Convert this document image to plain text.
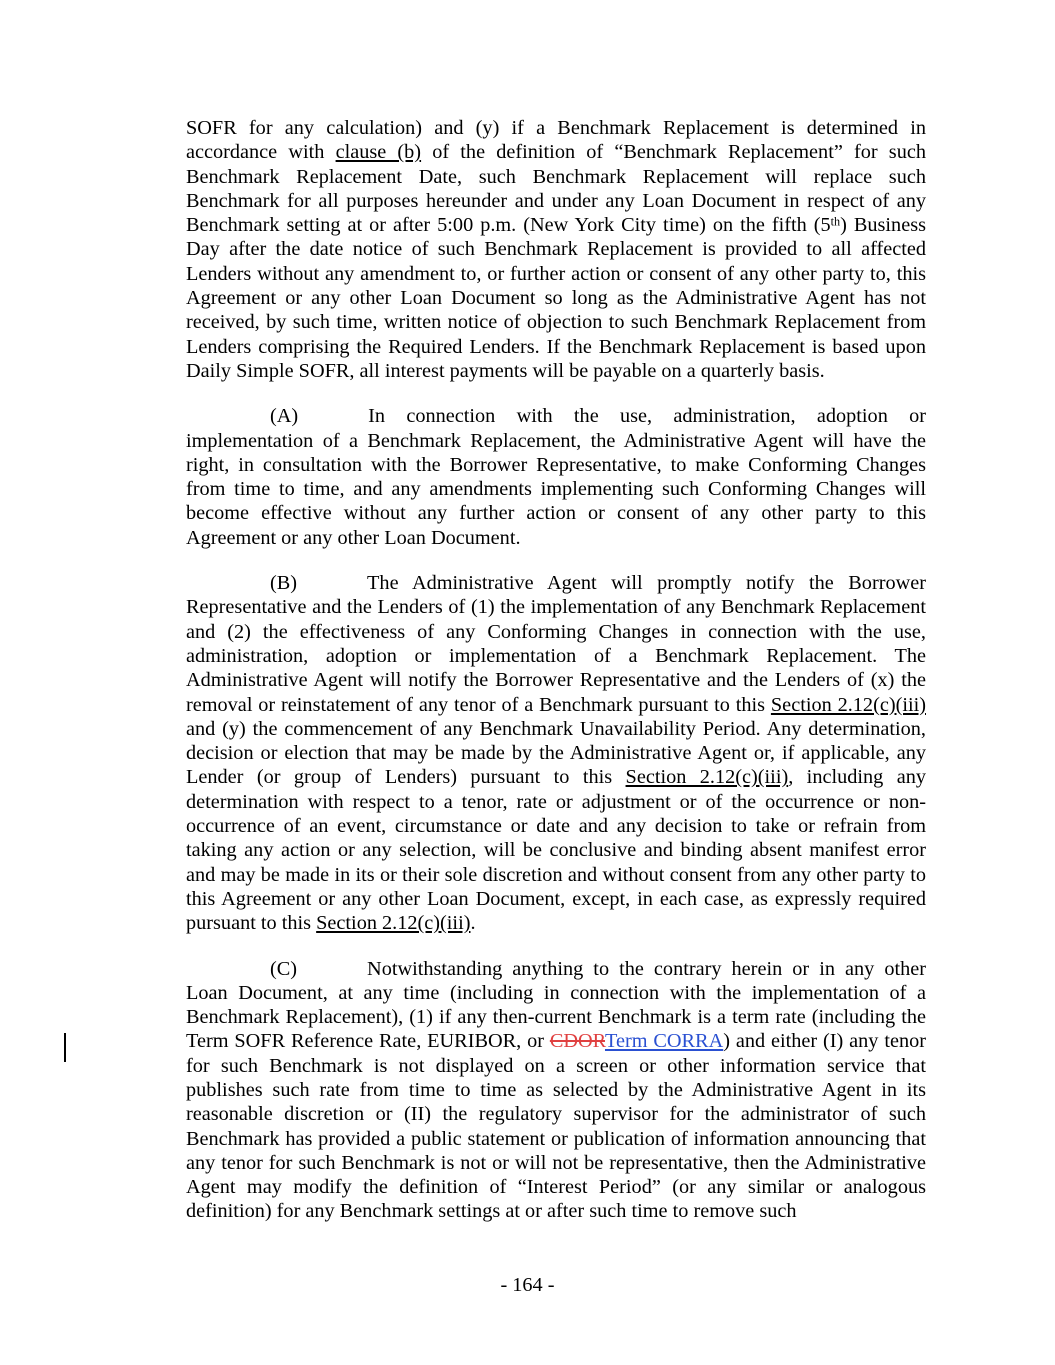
SOFR for any calculation) and (y) if a Benchmark Replacement is determined in accordance with clause (b) of the definition of “Benchmark Replacement” for such Benchmark Replacement Date, such Benchmark Replacement will replace such Benchmark for all purposes hereunder and under any Loan Document in respect of any Benchmark setting at or after 5:00 p.m. (New York City time) on the fifth (5th) Business Day after the date notice of such Benchmark Replacement is provided to all affected Lenders without any amendment to, or further action or consent of any other party to, this Agreement or any other Loan Document so long as the Administrative Agent has not received, by such time, written notice of objection to such Benchmark Replacement from Lenders comprising the Required Lenders. If the Benchmark Replacement is based upon Daily Simple SOFR, all interest payments will be payable on a quarterly basis.

(A)	In connection with the use, administration, adoption or implementation of a Benchmark Replacement, the Administrative Agent will have the right, in consultation with the Borrower Representative, to make Conforming Changes from time to time, and any amendments implementing such Conforming Changes will become effective without any further action or consent of any other party to this Agreement or any other Loan Document.

(B)	The Administrative Agent will promptly notify the Borrower Representative and the Lenders of (1) the implementation of any Benchmark Replacement and (2) the effectiveness of any Conforming Changes in connection with the use, administration, adoption or implementation of a Benchmark Replacement. The Administrative Agent will notify the Borrower Representative and the Lenders of (x) the removal or reinstatement of any tenor of a Benchmark pursuant to this Section 2.12(c)(iii) and (y) the commencement of any Benchmark Unavailability Period. Any determination, decision or election that may be made by the Administrative Agent or, if applicable, any Lender (or group of Lenders) pursuant to this Section 2.12(c)(iii), including any determination with respect to a tenor, rate or adjustment or of the occurrence or non-occurrence of an event, circumstance or date and any decision to take or refrain from taking any action or any selection, will be conclusive and binding absent manifest error and may be made in its or their sole discretion and without consent from any other party to this Agreement or any other Loan Document, except, in each case, as expressly required pursuant to this Section 2.12(c)(iii).

(C)	Notwithstanding anything to the contrary herein or in any other Loan Document, at any time (including in connection with the implementation of a Benchmark Replacement), (1) if any then-current Benchmark is a term rate (including the Term SOFR Reference Rate, EURIBOR, or CDORTerm CORRA) and either (I) any tenor for such Benchmark is not displayed on a screen or other information service that publishes such rate from time to time as selected by the Administrative Agent in its reasonable discretion or (II) the regulatory supervisor for the administrator of such Benchmark has provided a public statement or publication of information announcing that any tenor for such Benchmark is not or will not be representative, then the Administrative Agent may modify the definition of “Interest Period” (or any similar or analogous definition) for any Benchmark settings at or after such time to remove such

- 164 -
